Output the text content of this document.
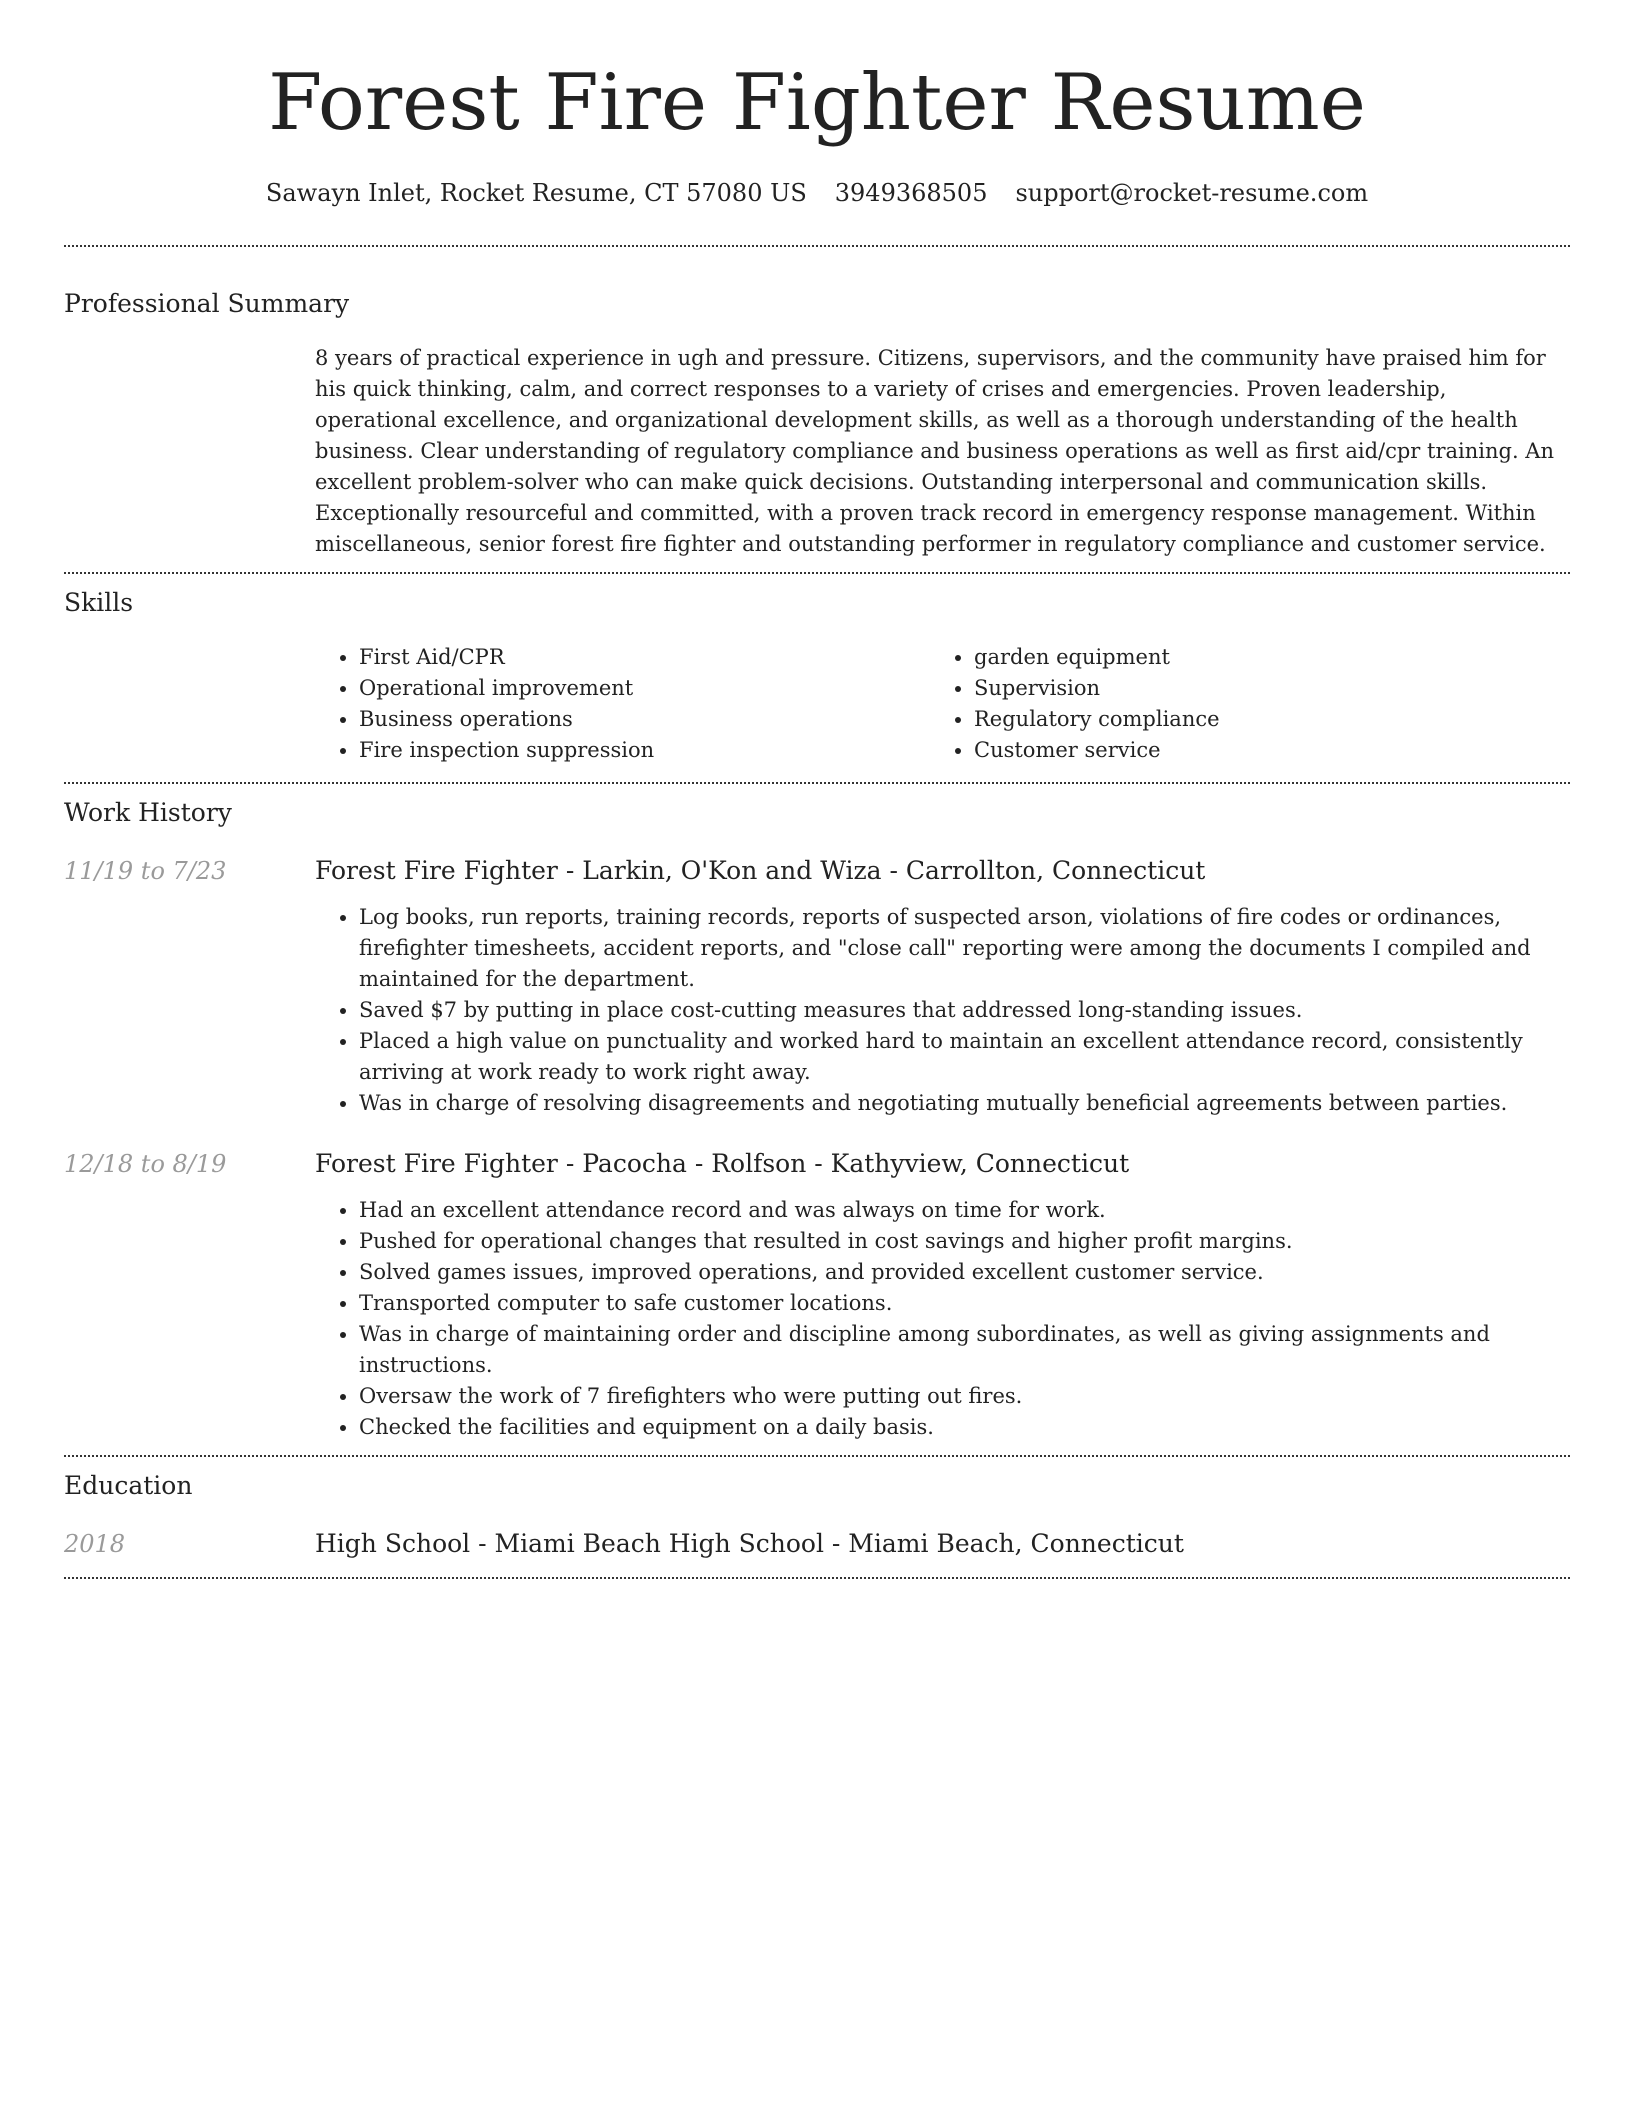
Forest Fire Fighter Resume
Sawayn Inlet, Rocket Resume, CT 57080 US 3949368505 support@rocket-resume.com
Professional Summary

8 years of practical experience in ugh and pressure. Citizens, supervisors, and the community have praised him for his quick thinking, calm, and correct responses to a variety of crises and emergencies. Proven leadership, operational excellence, and organizational development skills, as well as a thorough understanding of the health business. Clear understanding of regulatory compliance and business operations as well as first aid/cpr training. An excellent problem-solver who can make quick decisions. Outstanding interpersonal and communication skills. Exceptionally resourceful and committed, with a proven track record in emergency response management. Within miscellaneous, senior forest fire fighter and outstanding performer in regulatory compliance and customer service.

Skills
• First Aid/CPR
• Operational improvement
• Business operations
• Fire inspection suppression
• garden equipment
• Supervision
• Regulatory compliance
• Customer service
Work History
11/19 to 7/23	Forest Fire Fighter - Larkin, O'Kon and Wiza - Carrollton, Connecticut
• Log books, run reports, training records, reports of suspected arson, violations of fire codes or ordinances, firefighter timesheets, accident reports, and "close call" reporting were among the documents I compiled and maintained for the department.
• Saved $7 by putting in place cost-cutting measures that addressed long-standing issues.
• Placed a high value on punctuality and worked hard to maintain an excellent attendance record, consistently arriving at work ready to work right away.
• Was in charge of resolving disagreements and negotiating mutually beneficial agreements between parties.
12/18 to 8/19	Forest Fire Fighter - Pacocha - Rolfson - Kathyview, Connecticut
• Had an excellent attendance record and was always on time for work.
• Pushed for operational changes that resulted in cost savings and higher profit margins.
• Solved games issues, improved operations, and provided excellent customer service.
• Transported computer to safe customer locations.
• Was in charge of maintaining order and discipline among subordinates, as well as giving assignments and instructions.
• Oversaw the work of 7 firefighters who were putting out fires.
• Checked the facilities and equipment on a daily basis.
Education
2018	High School - Miami Beach High School - Miami Beach, Connecticut
